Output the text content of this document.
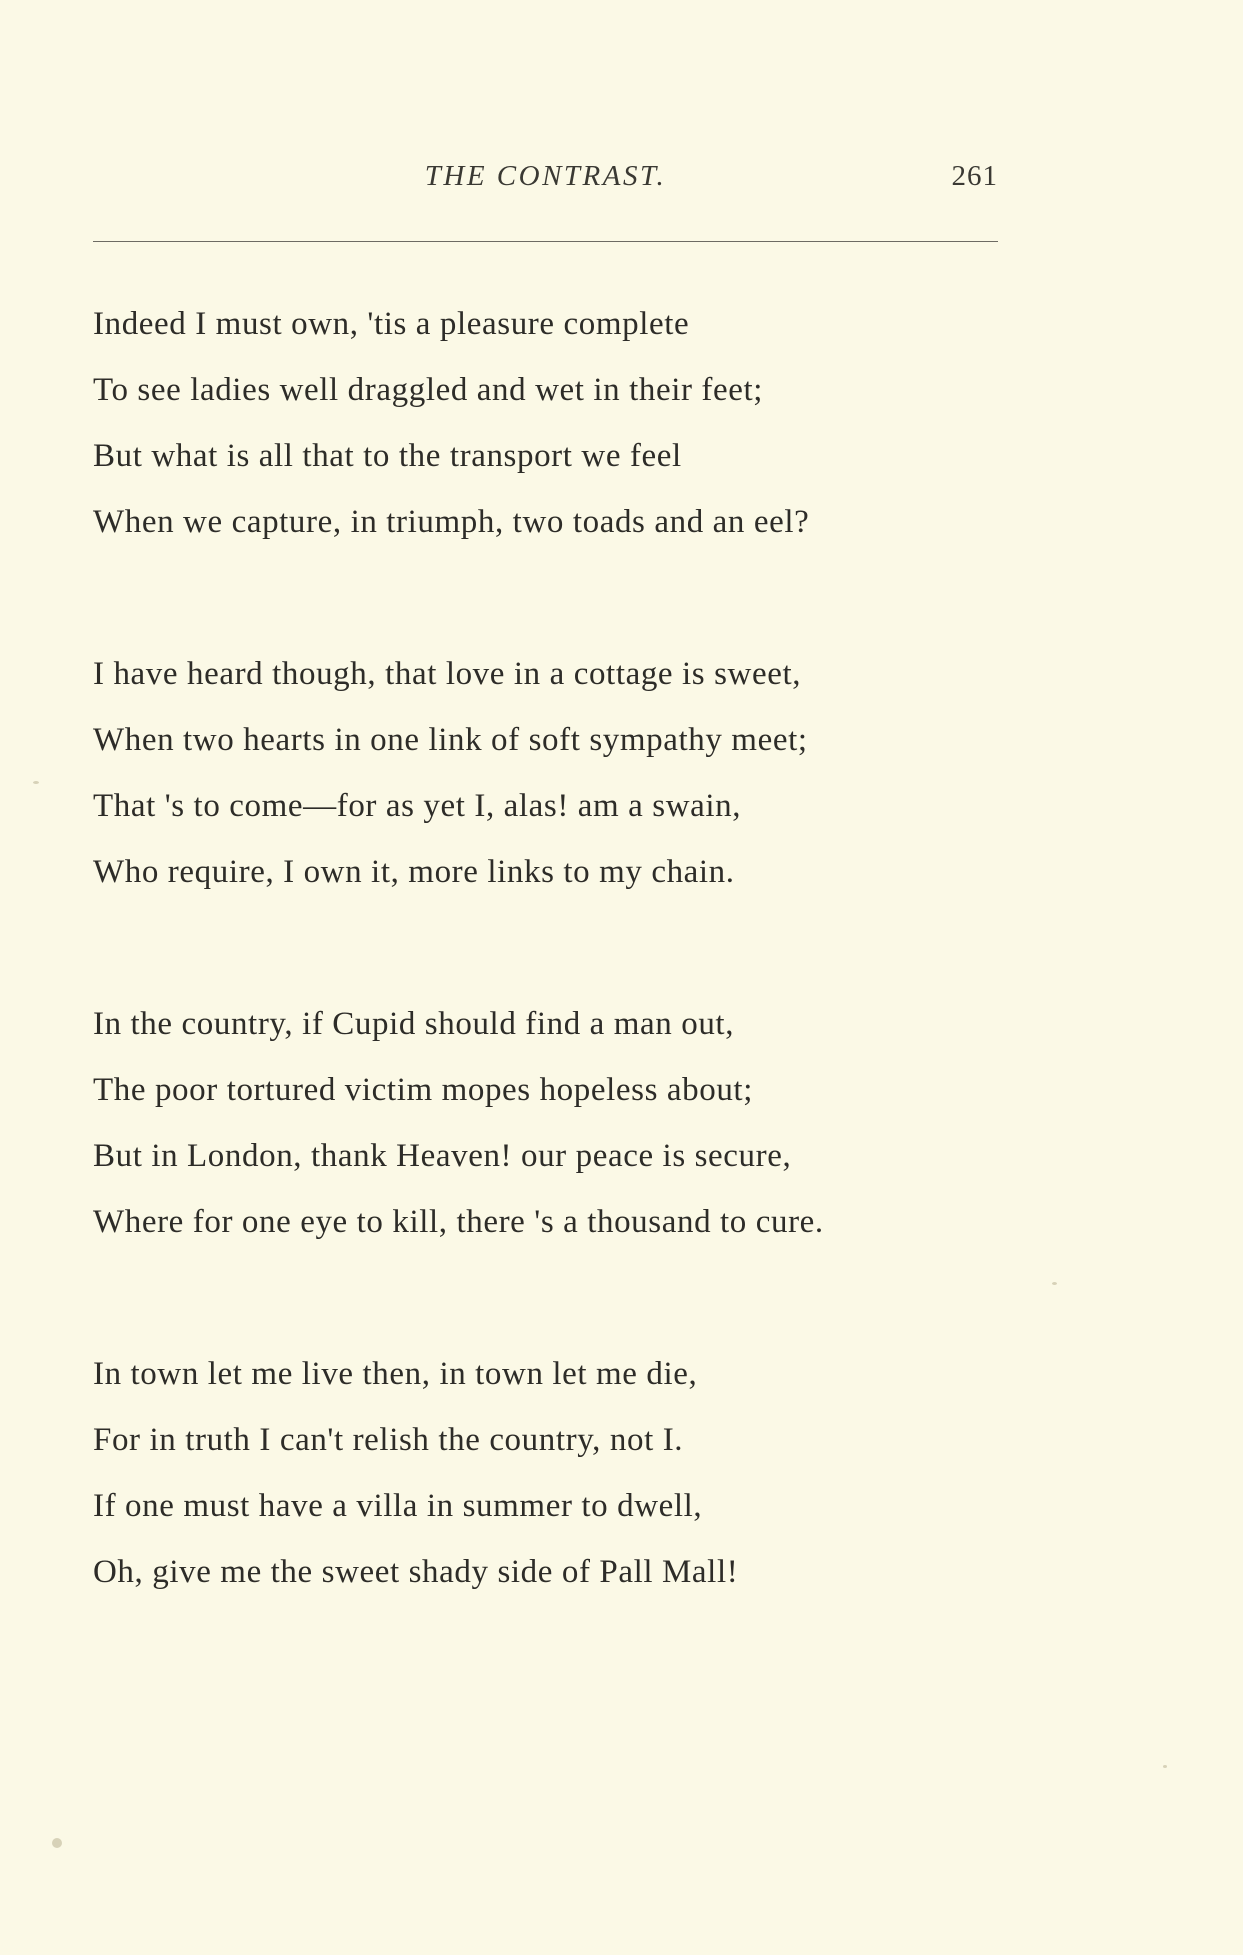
THE CONTRAST.	261
Indeed I must own, 'tis a pleasure complete
To see ladies well draggled and wet in their feet;
But what is all that to the transport we feel
When we capture, in triumph, two toads and an eel?
I have heard though, that love in a cottage is sweet,
When two hearts in one link of soft sympathy meet;
That 's to come—for as yet I, alas! am a swain,
Who require, I own it, more links to my chain.
In the country, if Cupid should find a man out,
The poor tortured victim mopes hopeless about;
But in London, thank Heaven! our peace is secure,
Where for one eye to kill, there 's a thousand to cure.
In town let me live then, in town let me die,
For in truth I can't relish the country, not I.
If one must have a villa in summer to dwell,
Oh, give me the sweet shady side of Pall Mall!
